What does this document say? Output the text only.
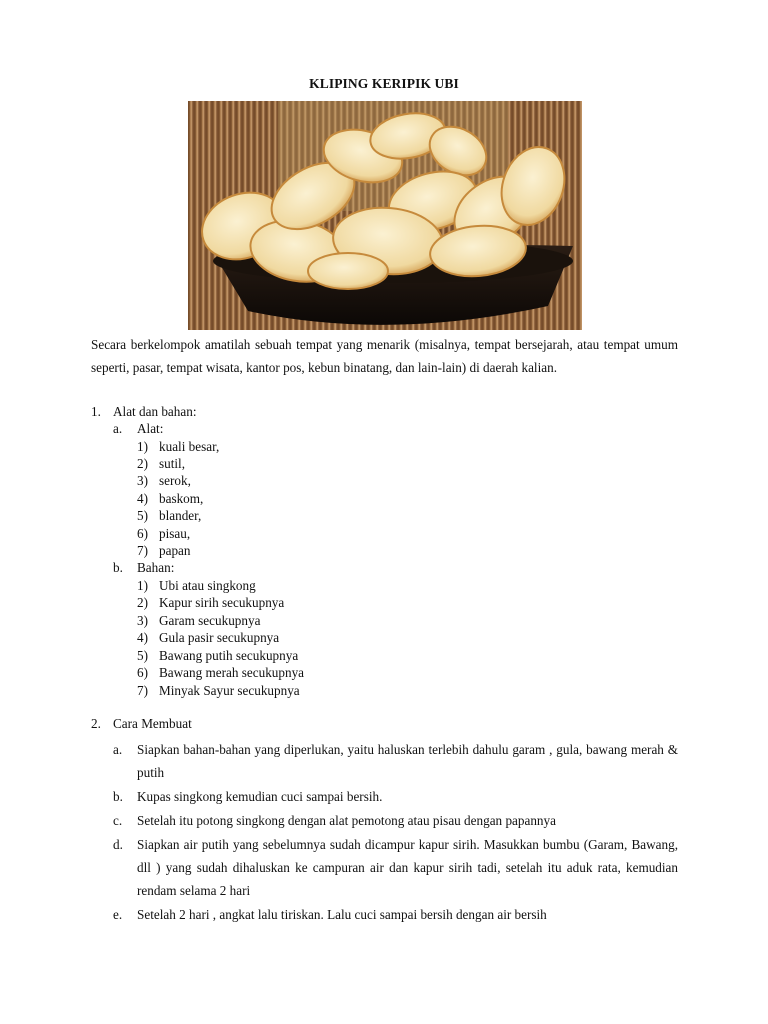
KLIPING KERIPIK UBI
Secara berkelompok amatilah sebuah tempat yang menarik (misalnya, tempat bersejarah, atau tempat umum seperti, pasar, tempat wisata, kantor pos, kebun binatang, dan lain-lain) di daerah kalian.
1. Alat dan bahan:
a. Alat:
1) kuali besar,
2) sutil,
3) serok,
4) baskom,
5) blander,
6) pisau,
7) papan
b. Bahan:
1) Ubi atau singkong
2) Kapur sirih secukupnya
3) Garam secukupnya
4) Gula pasir secukupnya
5) Bawang putih secukupnya
6) Bawang merah secukupnya
7) Minyak Sayur secukupnya
2. Cara Membuat
a. Siapkan bahan-bahan yang diperlukan, yaitu haluskan terlebih dahulu garam , gula, bawang merah & putih
b. Kupas singkong kemudian cuci sampai bersih.
c. Setelah itu potong singkong dengan alat pemotong atau pisau dengan papannya
d. Siapkan air putih yang sebelumnya sudah dicampur kapur sirih. Masukkan bumbu (Garam, Bawang, dll ) yang sudah dihaluskan ke campuran air dan kapur sirih tadi, setelah itu aduk rata, kemudian rendam selama 2 hari
e. Setelah 2 hari , angkat lalu tiriskan. Lalu cuci sampai bersih dengan air bersih
